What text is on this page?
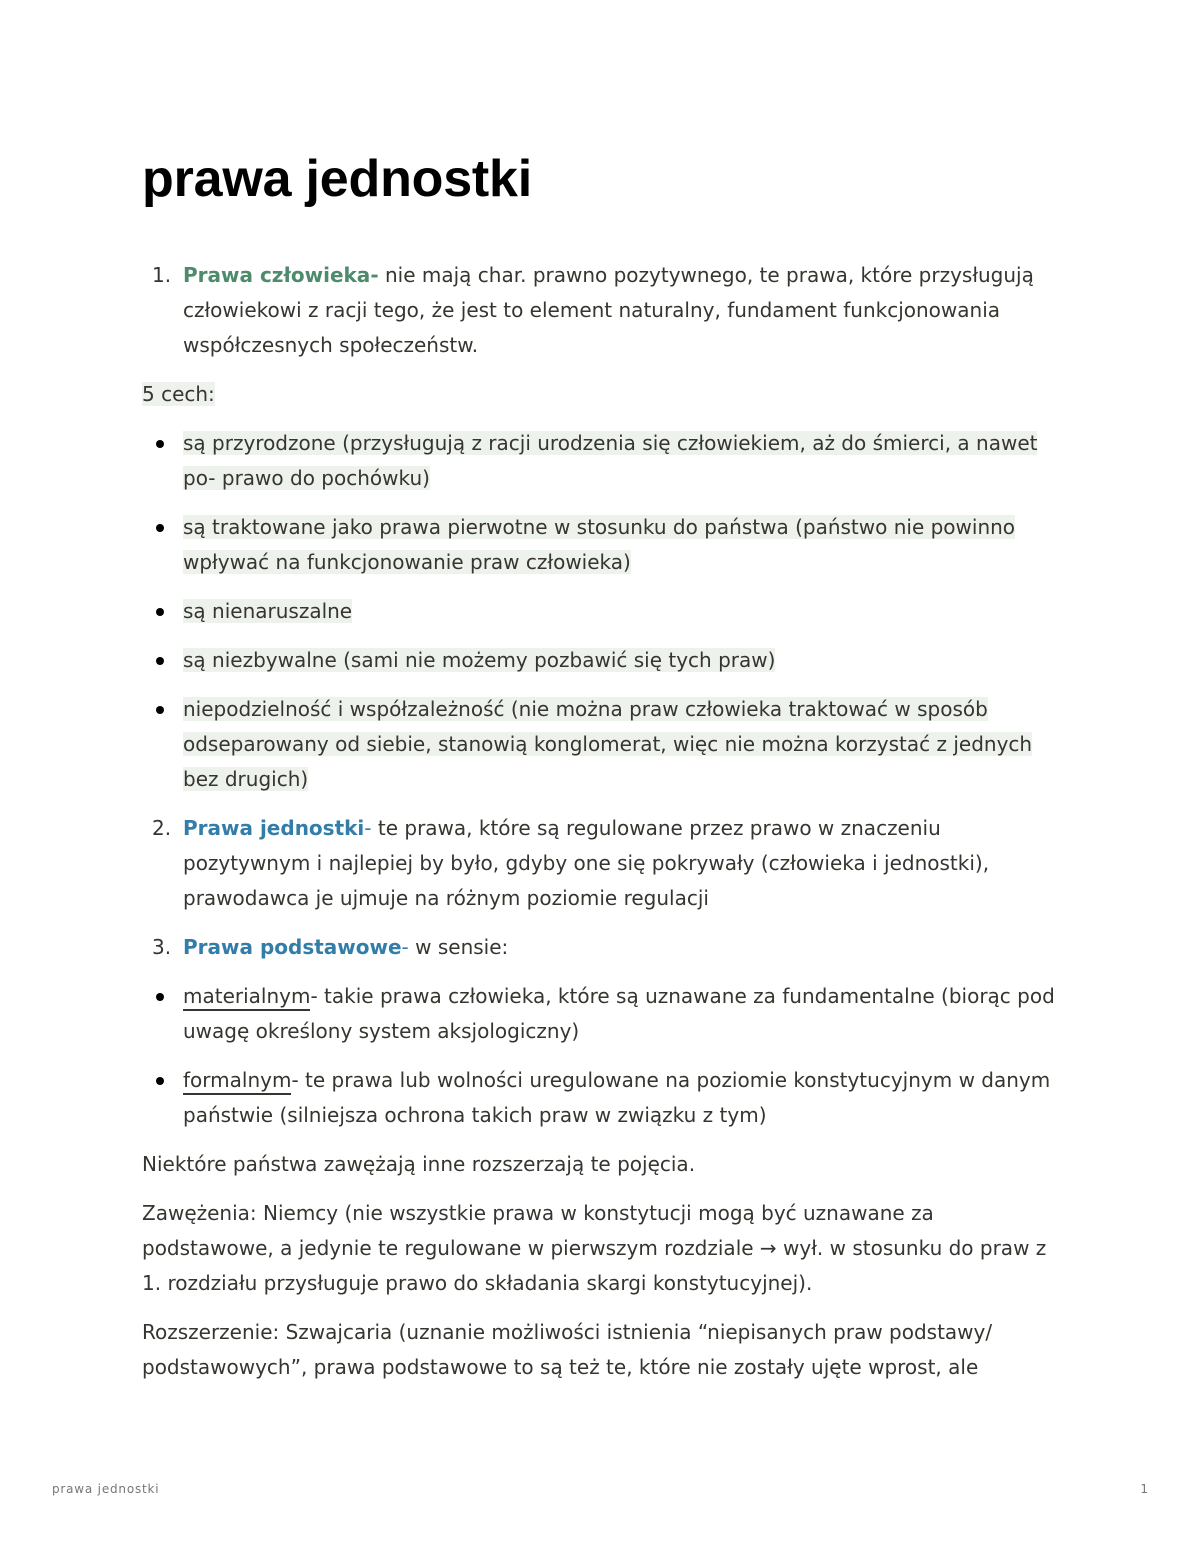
prawa jednostki
1. Prawa człowieka- nie mają char. prawno pozytywnego, te prawa, które przysługują człowiekowi z racji tego, że jest to element naturalny, fundament funkcjonowania współczesnych społeczeństw.

5 cech:

są przyrodzone (przysługują z racji urodzenia się człowiekiem, aż do śmierci, a nawet po- prawo do pochówku)
są traktowane jako prawa pierwotne w stosunku do państwa (państwo nie powinno wpływać na funkcjonowanie praw człowieka)
są nienaruszalne
są niezbywalne (sami nie możemy pozbawić się tych praw)
niepodzielność i współzależność (nie można praw człowieka traktować w sposób odseparowany od siebie, stanowią konglomerat, więc nie można korzystać z jednych bez drugich)
2. Prawa jednostki- te prawa, które są regulowane przez prawo w znaczeniu pozytywnym i najlepiej by było, gdyby one się pokrywały (człowieka i jednostki), prawodawca je ujmuje na różnym poziomie regulacji
3. Prawa podstawowe- w sensie:
materialnym- takie prawa człowieka, które są uznawane za fundamentalne (biorąc pod uwagę określony system aksjologiczny)
formalnym- te prawa lub wolności uregulowane na poziomie konstytucyjnym w danym państwie (silniejsza ochrona takich praw w związku z tym)

Niektóre państwa zawężają inne rozszerzają te pojęcia.

Zawężenia: Niemcy (nie wszystkie prawa w konstytucji mogą być uznawane za podstawowe, a jedynie te regulowane w pierwszym rozdziale → wył. w stosunku do praw z 1. rozdziału przysługuje prawo do składania skargi konstytucyjnej).

Rozszerzenie: Szwajcaria (uznanie możliwości istnienia “niepisanych praw podstawy/ podstawowych”, prawa podstawowe to są też te, które nie zostały ujęte wprost, ale

prawa jednostki	1
